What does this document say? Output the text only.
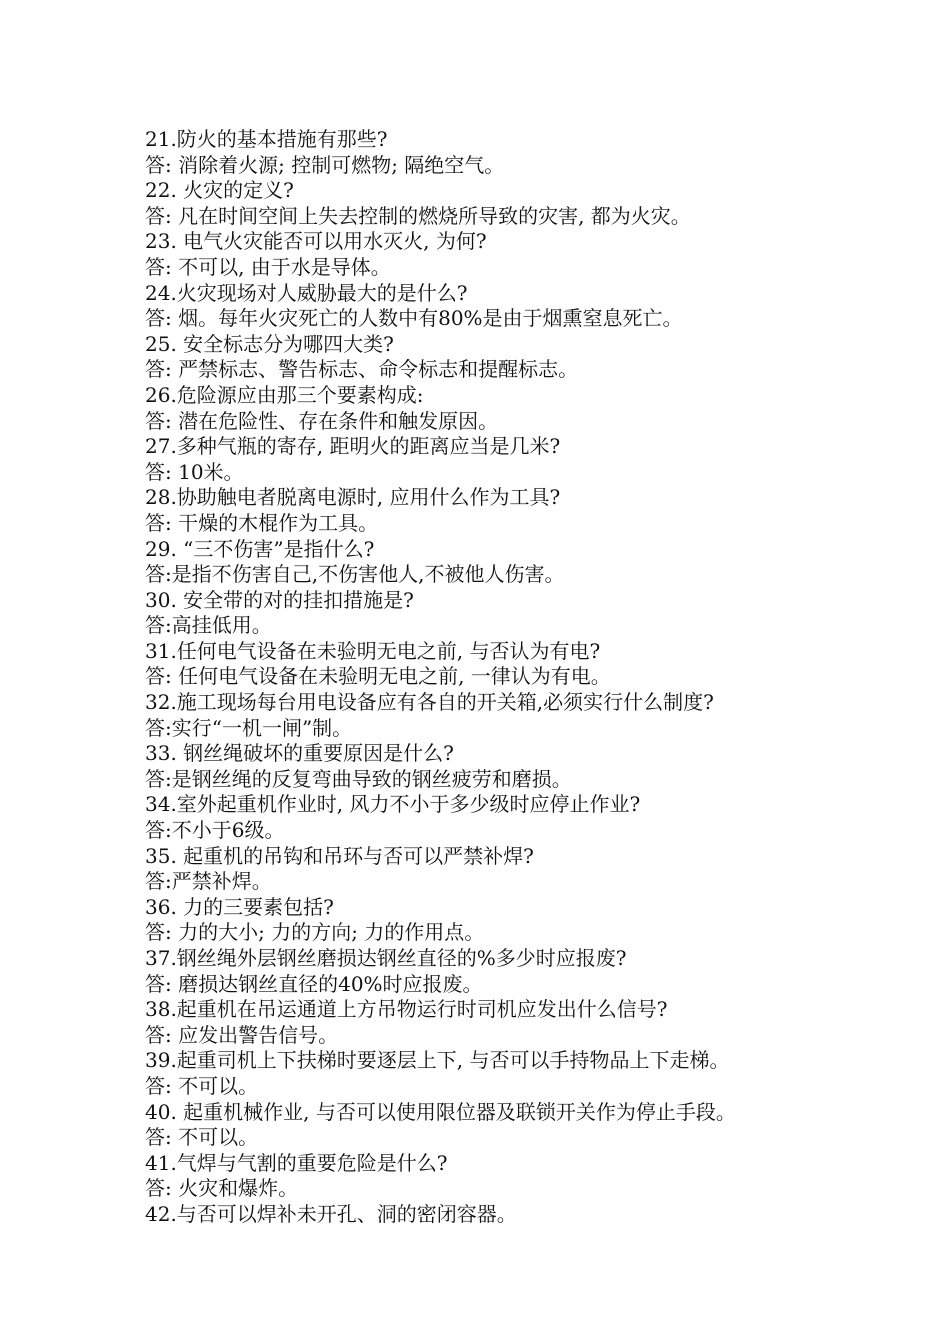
21.防火的基本措施有那些?
答: 消除着火源; 控制可燃物; 隔绝空气。
22. 火灾的定义?
答: 凡在时间空间上失去控制的燃烧所导致的灾害, 都为火灾。
23. 电气火灾能否可以用水灭火, 为何?
答: 不可以, 由于水是导体。
24.火灾现场对人威胁最大的是什么?
答: 烟。每年火灾死亡的人数中有80%是由于烟熏窒息死亡。
25. 安全标志分为哪四大类?
答: 严禁标志、警告标志、命令标志和提醒标志。
26.危险源应由那三个要素构成:
答: 潜在危险性、存在条件和触发原因。
27.多种气瓶的寄存, 距明火的距离应当是几米?
答: 10米。
28.协助触电者脱离电源时, 应用什么作为工具?
答: 干燥的木棍作为工具。
29. “三不伤害”是指什么?
答:是指不伤害自己,不伤害他人,不被他人伤害。
30. 安全带的对的挂扣措施是?
答:高挂低用。
31.任何电气设备在未验明无电之前, 与否认为有电?
答: 任何电气设备在未验明无电之前, 一律认为有电。
32.施工现场每台用电设备应有各自的开关箱,必须实行什么制度?
答:实行“一机一闸”制。
33. 钢丝绳破坏的重要原因是什么?
答:是钢丝绳的反复弯曲导致的钢丝疲劳和磨损。
34.室外起重机作业时, 风力不小于多少级时应停止作业?
答:不小于6级。
35. 起重机的吊钩和吊环与否可以严禁补焊?
答:严禁补焊。
36. 力的三要素包括?
答: 力的大小; 力的方向; 力的作用点。
37.钢丝绳外层钢丝磨损达钢丝直径的%多少时应报废?
答: 磨损达钢丝直径的40%时应报废。
38.起重机在吊运通道上方吊物运行时司机应发出什么信号?
答: 应发出警告信号。
39.起重司机上下扶梯时要逐层上下, 与否可以手持物品上下走梯。
答: 不可以。
40. 起重机械作业, 与否可以使用限位器及联锁开关作为停止手段。
答: 不可以。
41.气焊与气割的重要危险是什么?
答: 火灾和爆炸。
42.与否可以焊补未开孔、洞的密闭容器。
